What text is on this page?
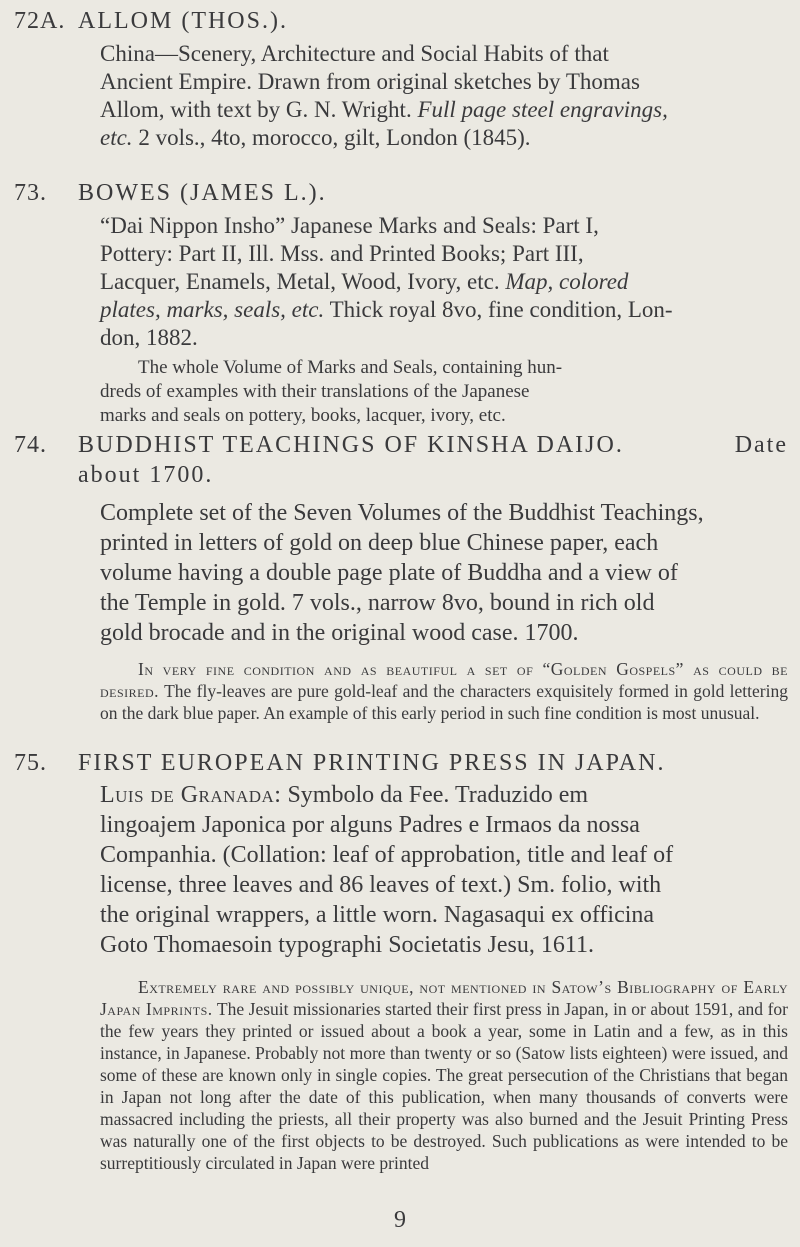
72A. ALLOM (THOS.).
China—Scenery, Architecture and Social Habits of that
Ancient Empire. Drawn from original sketches by Thomas
Allom, with text by G. N. Wright. Full page steel engravings,
etc. 2 vols., 4to, morocco, gilt, London (1845).
73. BOWES (JAMES L.).
“Dai Nippon Insho” Japanese Marks and Seals: Part I,
Pottery: Part II, Ill. Mss. and Printed Books; Part III,
Lacquer, Enamels, Metal, Wood, Ivory, etc. Map, colored
plates, marks, seals, etc. Thick royal 8vo, fine condition, Lon-
don, 1882.
The whole Volume of Marks and Seals, containing hun-
dreds of examples with their translations of the Japanese
marks and seals on pottery, books, lacquer, ivory, etc.
74. BUDDHIST TEACHINGS OF KINSHA DAIJO.	Date
about 1700.
Complete set of the Seven Volumes of the Buddhist Teachings,
printed in letters of gold on deep blue Chinese paper, each
volume having a double page plate of Buddha and a view of
the Temple in gold. 7 vols., narrow 8vo, bound in rich old
gold brocade and in the original wood case. 1700.
In very fine condition and as beautiful a set of “Golden Gospels” as could be desired. The fly-leaves are pure gold-leaf and the characters exquisitely formed in gold lettering on the dark blue paper. An example of this early period in such fine condition is most unusual.
75. FIRST EUROPEAN PRINTING PRESS IN JAPAN.
Luis de Granada: Symbolo da Fee. Traduzido em
lingoajem Japonica por alguns Padres e Irmaos da nossa
Companhia. (Collation: leaf of approbation, title and leaf of
license, three leaves and 86 leaves of text.) Sm. folio, with
the original wrappers, a little worn. Nagasaqui ex officina
Goto Thomaesoin typographi Societatis Jesu, 1611.
Extremely rare and possibly unique, not mentioned in Satow’s Bibliography of Early Japan Imprints. The Jesuit missionaries started their first press in Japan, in or about 1591, and for the few years they printed or issued about a book a year, some in Latin and a few, as in this instance, in Japanese. Probably not more than twenty or so (Satow lists eighteen) were issued, and some of these are known only in single copies. The great persecution of the Christians that began in Japan not long after the date of this publication, when many thousands of converts were massacred including the priests, all their property was also burned and the Jesuit Printing Press was naturally one of the first objects to be destroyed. Such publications as were intended to be surreptitiously circulated in Japan were printed
9
